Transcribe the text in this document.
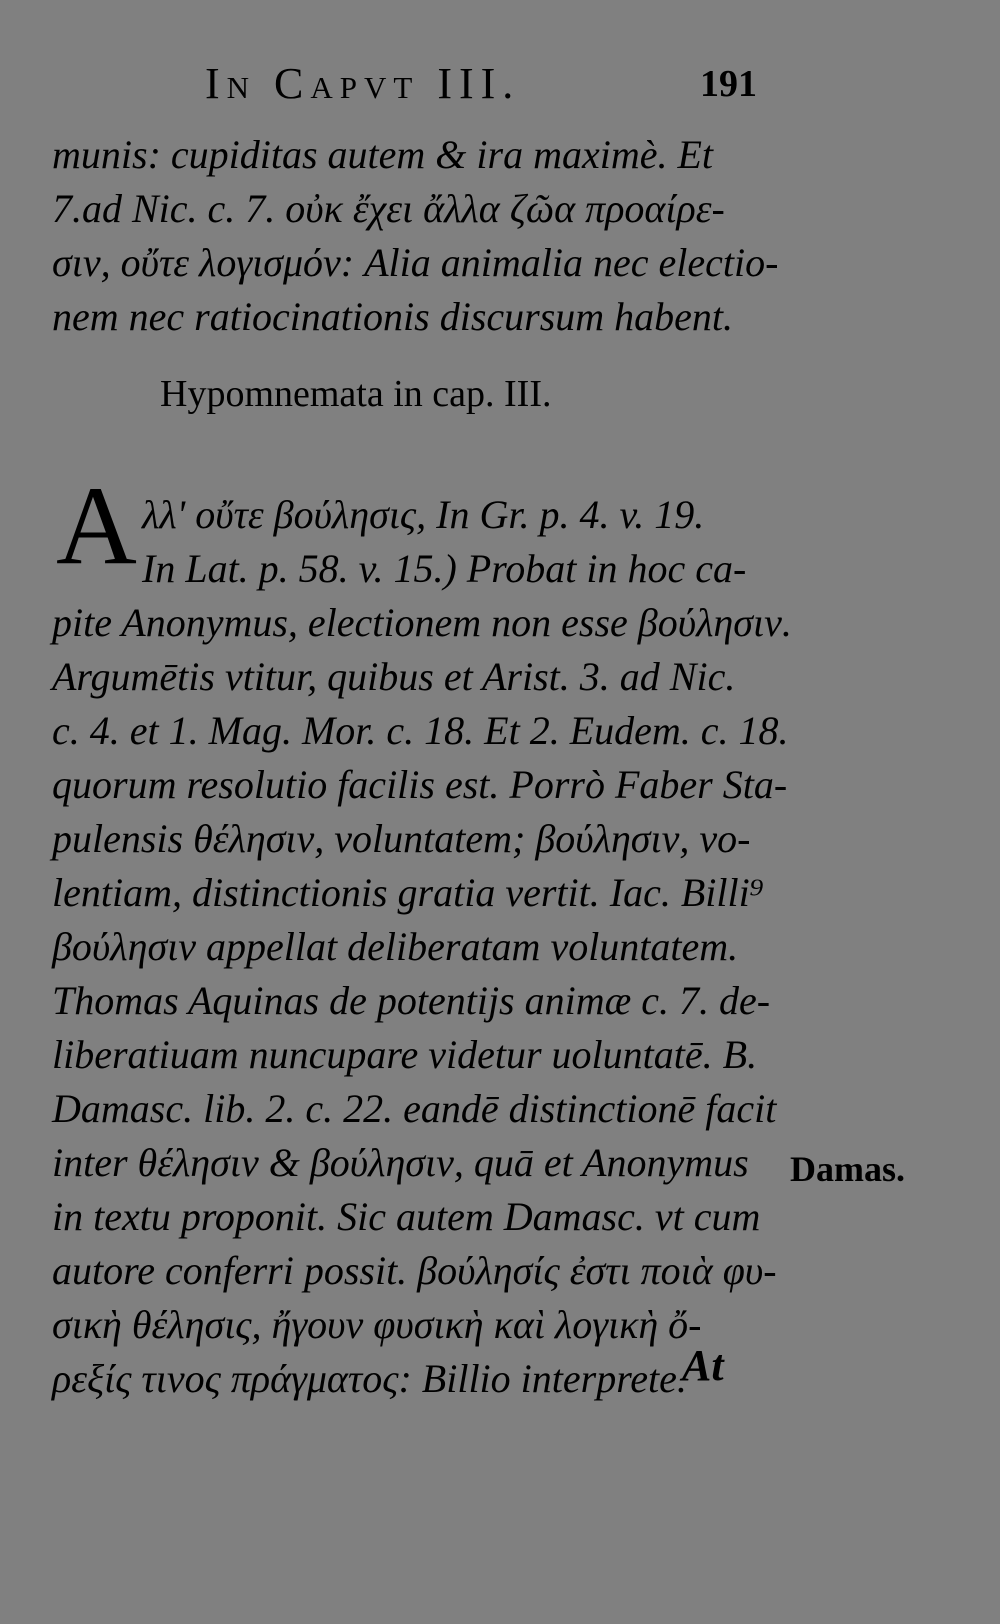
In Capvt III.	191
munis: cupiditas autem & ira maximè. Et
7.ad Nic. c. 7. οὐκ ἔχει ἄλλα ζῶα προαίρε-
σιν, οὔτε λογισμόν: Alia animalia nec electio-
nem nec ratiocinationis discursum habent.
Hypomnemata in cap. III.
A λλ' οὔτε βούλησις, In Gr. p. 4. v. 19.
In Lat. p. 58. v. 15.) Probat in hoc ca-
pite Anonymus, electionem non esse βούλησιν.
Argumētis vtitur, quibus et Arist. 3. ad Nic.
c. 4. et 1. Mag. Mor. c. 18. Et 2. Eudem. c. 18.
quorum resolutio facilis est. Porrò Faber Sta-
pulensis θέλησιν, voluntatem; βούλησιν, vo-
lentiam, distinctionis gratia vertit. Iac. Billi⁹
βούλησιν appellat deliberatam voluntatem.
Thomas Aquinas de potentijs animæ c. 7. de-
liberatiuam nuncupare videtur uoluntatē. B.
Damasc. lib. 2. c. 22. eandē distinctionē facit
inter θέλησιν & βούλησιν, quā et Anonymus
in textu proponit. Sic autem Damasc. vt cum
autore conferri possit. βούλησίς ἐστι ποιὰ φυ-
σικὴ θέλησις, ἤγουν φυσικὴ καὶ λογικὴ ὄ-
ρεξίς τινος πράγματος: Billio interprete.
Damas.
At
